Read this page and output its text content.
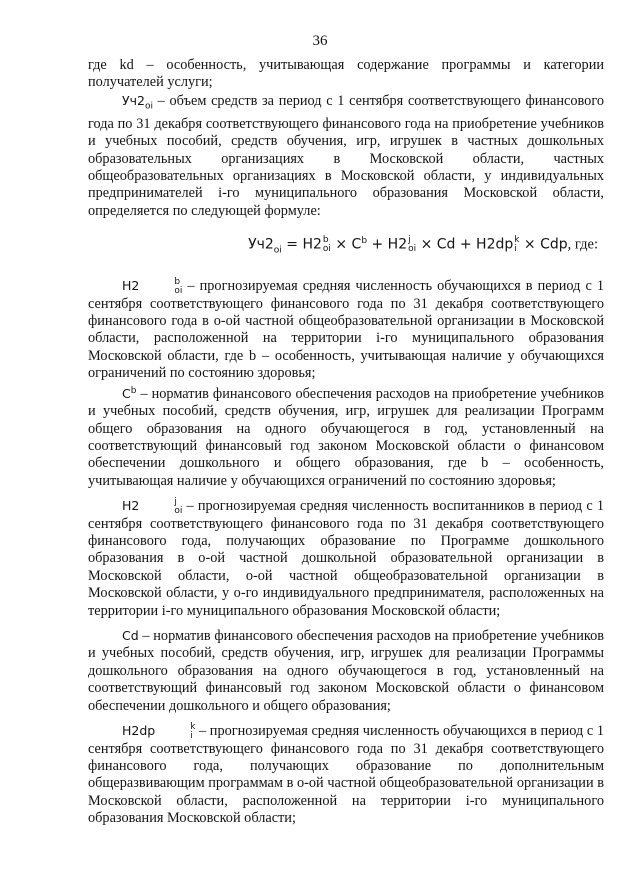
36

где kd – особенность, учитывающая содержание программы и категории получателей услуги;

$Уч2_{oi}$ – объем средств за период с 1 сентября соответствующего финансового года по 31 декабря соответствующего финансового года на приобретение учебников и учебных пособий, средств обучения, игр, игрушек в частных дошкольных образовательных организациях в Московской области, частных общеобразовательных организациях в Московской области, у индивидуальных предпринимателей i-го муниципального образования Московской области, определяется по следующей формуле:

$Уч2_{oi} = H2$ b
oi × $C^b + H2$ j
oi × Cd + H2dp k
i × Cdp, где:

H2	b
oi – прогнозируемая средняя численность обучающихся в период с 1 сентября соответствующего финансового года по 31 декабря соответствующего финансового года в о-ой частной общеобразовательной организации в Московской области, расположенной на территории i-го муниципального образования Московской области, где b – особенность, учитывающая наличие у обучающихся ограничений по состоянию здоровья;

$C^b$ – норматив финансового обеспечения расходов на приобретение учебников и учебных пособий, средств обучения, игр, игрушек для реализации Программ общего образования на одного обучающегося в год, установленный на соответствующий финансовый год законом Московской области о финансовом обеспечении дошкольного и общего образования, где b – особенность, учитывающая наличие у обучающихся ограничений по состоянию здоровья;

H2	j
oi – прогнозируемая средняя численность воспитанников в период с 1 сентября соответствующего финансового года по 31 декабря соответствующего финансового года, получающих образование по Программе дошкольного образования в о-ой частной дошкольной образовательной организации в Московской области, о-ой частной общеобразовательной организации в Московской области, у о-го индивидуального предпринимателя, расположенных на территории i-го муниципального образования Московской области;

Cd – норматив финансового обеспечения расходов на приобретение учебников и учебных пособий, средств обучения, игр, игрушек для реализации Программы дошкольного образования на одного обучающегося в год, установленный на соответствующий финансовый год законом Московской области о финансовом обеспечении дошкольного и общего образования;

H2dp	k
i – прогнозируемая средняя численность обучающихся в период с 1 сентября соответствующего финансового года по 31 декабря соответствующего финансового года, получающих образование по дополнительным общеразвивающим программам в о-ой частной общеобразовательной организации в Московской области, расположенной на территории i-го муниципального образования Московской области;
